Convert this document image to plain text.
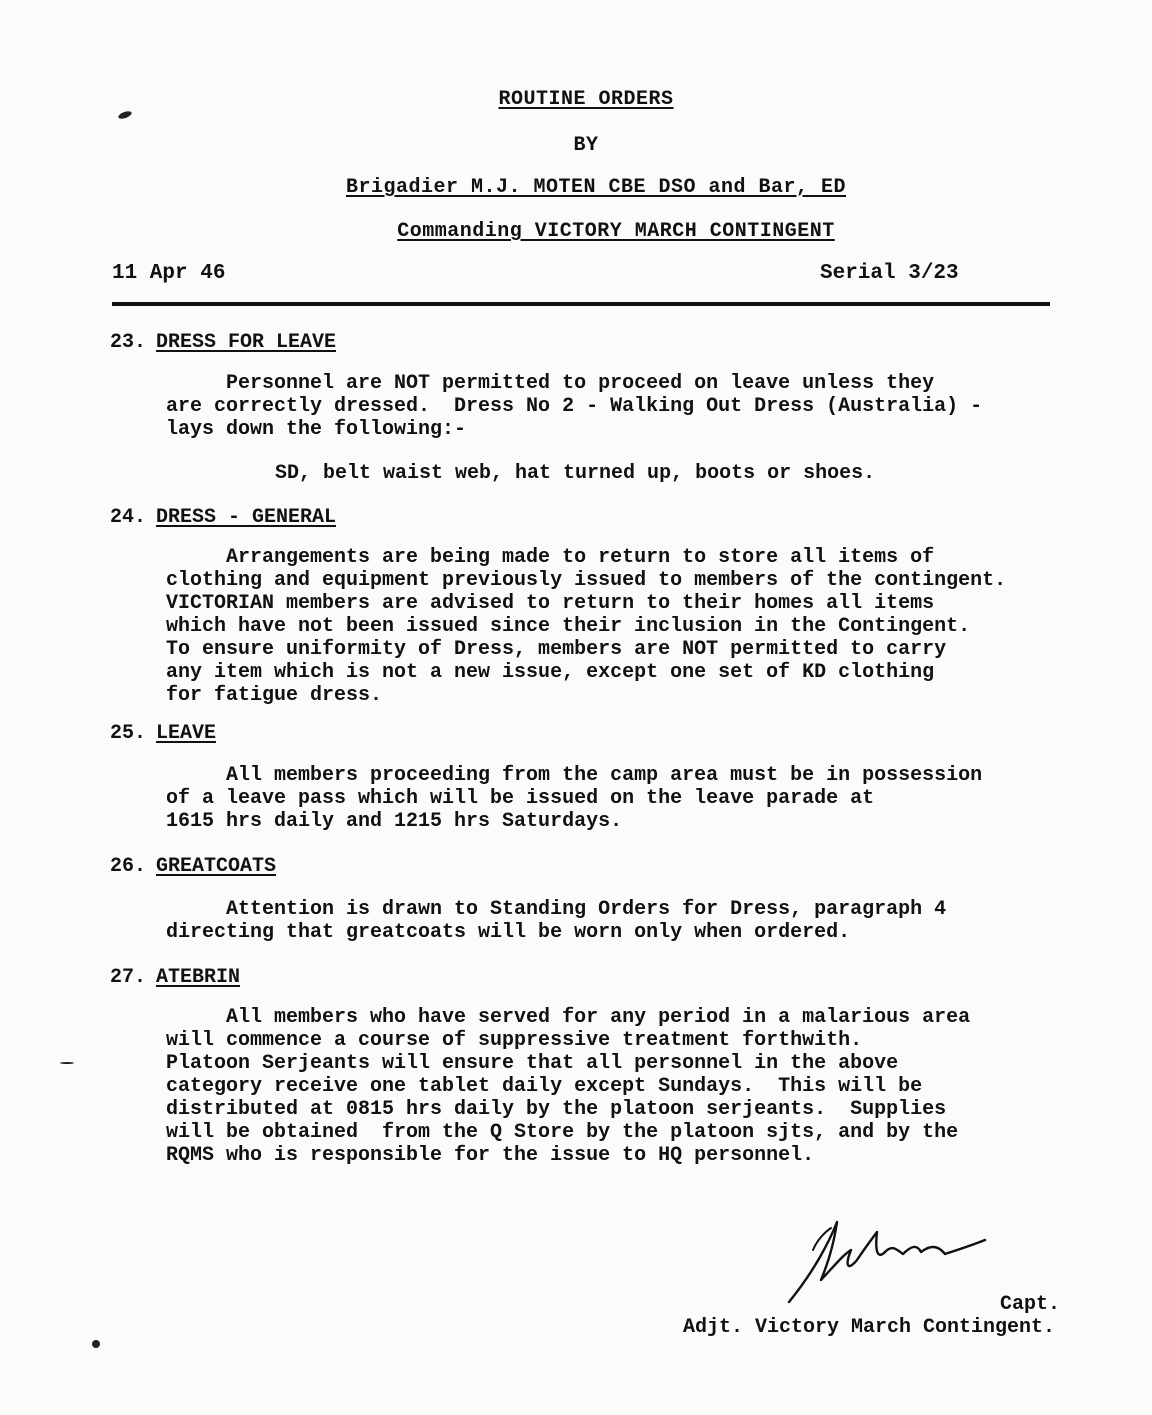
ROUTINE ORDERS
BY
Brigadier M.J. MOTEN CBE DSO and Bar, ED
Commanding VICTORY MARCH CONTINGENT
11 Apr 46	Serial 3/23
23. DRESS FOR LEAVE
Personnel are NOT permitted to proceed on leave unless they
are correctly dressed.  Dress No 2 - Walking Out Dress (Australia) -
lays down the following:-
SD, belt waist web, hat turned up, boots or shoes.
24. DRESS - GENERAL
Arrangements are being made to return to store all items of
clothing and equipment previously issued to members of the contingent.
VICTORIAN members are advised to return to their homes all items
which have not been issued since their inclusion in the Contingent.
To ensure uniformity of Dress, members are NOT permitted to carry
any item which is not a new issue, except one set of KD clothing
for fatigue dress.
25. LEAVE
All members proceeding from the camp area must be in possession
of a leave pass which will be issued on the leave parade at
1615 hrs daily and 1215 hrs Saturdays.
26. GREATCOATS
Attention is drawn to Standing Orders for Dress, paragraph 4
directing that greatcoats will be worn only when ordered.
27. ATEBRIN
All members who have served for any period in a malarious area
will commence a course of suppressive treatment forthwith.
Platoon Serjeants will ensure that all personnel in the above
category receive one tablet daily except Sundays.  This will be
distributed at 0815 hrs daily by the platoon serjeants.  Supplies
will be obtained  from the Q Store by the platoon sjts, and by the
RQMS who is responsible for the issue to HQ personnel.
Capt.
Adjt. Victory March Contingent.
